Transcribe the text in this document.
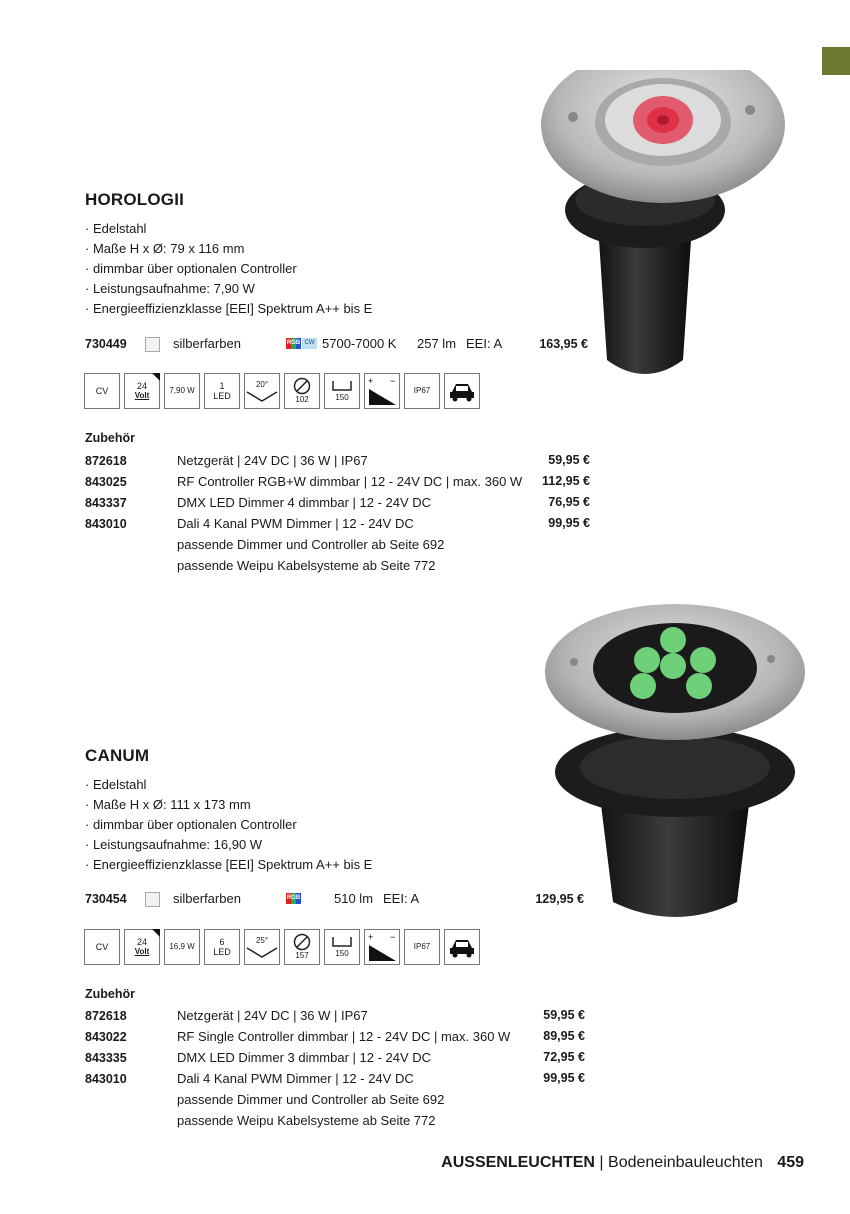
HOROLOGII
· Edelstahl
· Maße H x Ø: 79 x 116 mm
· dimmbar über optionalen Controller
· Leistungsaufnahme: 7,90 W
· Energieeffizienzklasse [EEI] Spektrum A++ bis E
730449	silberfarben	RGB CW 5700-7000 K 257 lm EEI: A	163,95 €
CV	24
Volt
7,90 W	1
LED
20°
102	150
+ −
IP67
Zubehör
872618	Netzgerät | 24V DC | 36 W | IP67	59,95 €
843025	RF Controller RGB+W dimmbar | 12 - 24V DC | max. 360 W 112,95 €
843337	DMX LED Dimmer 4 dimmbar | 12 - 24V DC	76,95 €
843010	Dali 4 Kanal PWM Dimmer | 12 - 24V DC	99,95 €
passende Dimmer und Controller ab Seite 692
passende Weipu Kabelsysteme ab Seite 772
CANUM
· Edelstahl
· Maße H x Ø: 111 x 173 mm
· dimmbar über optionalen Controller
· Leistungsaufnahme: 16,90 W
· Energieeffizienzklasse [EEI] Spektrum A++ bis E
730454	silberfarben	RGB	510 lm EEI: A	129,95 €
CV	24
Volt
16,9 W	6
LED
25°
157	150
+ −
IP67
Zubehör
872618	Netzgerät | 24V DC | 36 W | IP67	59,95 €
843022	RF Single Controller dimmbar | 12 - 24V DC | max. 360 W	89,95 €
843335	DMX LED Dimmer 3 dimmbar | 12 - 24V DC	72,95 €
843010	Dali 4 Kanal PWM Dimmer | 12 - 24V DC	99,95 €
passende Dimmer und Controller ab Seite 692
passende Weipu Kabelsysteme ab Seite 772
AUSSENLEUCHTEN | Bodeneinbauleuchten 459
